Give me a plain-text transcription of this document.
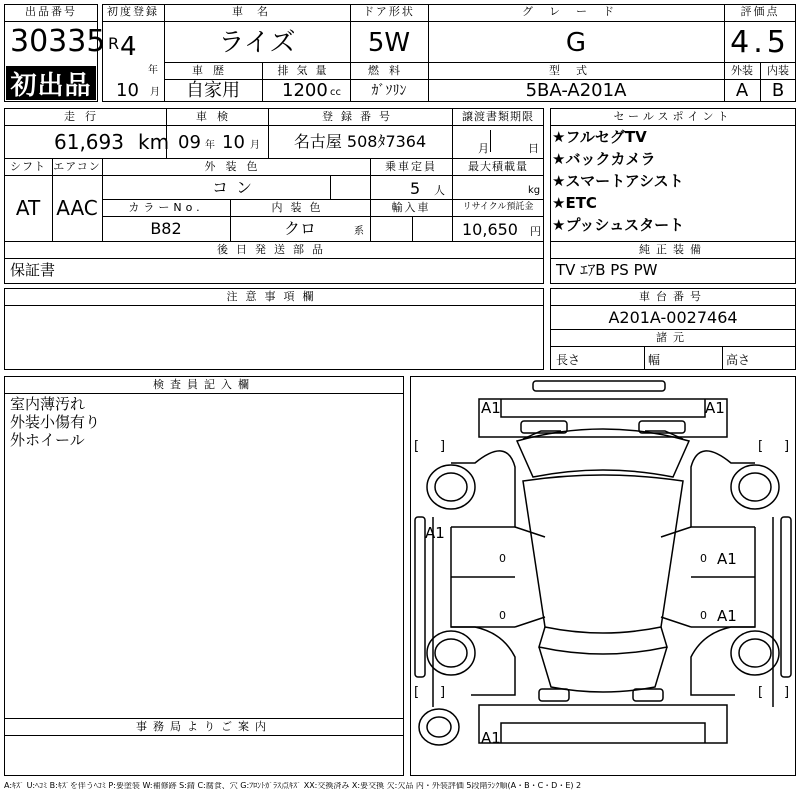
出品番号
30335
初出品
初度登録
R 4
年
10 月
車名
ライズ
車歴
自家用
ドア形状
5W
排気量
1200 cc
燃料
ｶﾞｿﾘﾝ
グレード
G
型式
5BA-A201A
評価点
4.5
外装	内装
A	B
走行
61,693 km
車検
09 年 10 月
登録番号
名古屋 508ﾀ7364
譲渡書類期限
月	日
シフト エアコン
AT AAC
外装色
コン
カラーNo.
B82
内装色
クロ	系
乗車定員
5 人
最大積載量
kg
輸入車	リサイクル預託金
10,650 円
後日発送部品
保証書
セールスポイント
★フルセグTV
★バックカメラ
★スマートアシスト
★ETC
★プッシュスタート
純正装備
TV ｴｱB PS PW
注意事項欄	車台番号
A201A-0027464
諸元
長さ	幅	高さ
検査員記入欄
室内薄汚れ
外装小傷有り
外ホイール
事務局よりご案内
A1	A1
A1
A1
A1
A1
[ ]	[ ]
[ ]	[ ]
0
0
0
0
A:ｷｽﾞ U:ﾍｺﾐ B:ｷｽﾞを伴うﾍｺﾐ P:要塗装 W:補修跡 S:錆 C:腐食、穴 G:ﾌﾛﾝﾄｶﾞﾗｽ点ｷｽﾞ XX:交換済み X:要交換 欠:欠品 内・外装評価 5段階ﾗﾝｸ順(A・B・C・D・E) 2
